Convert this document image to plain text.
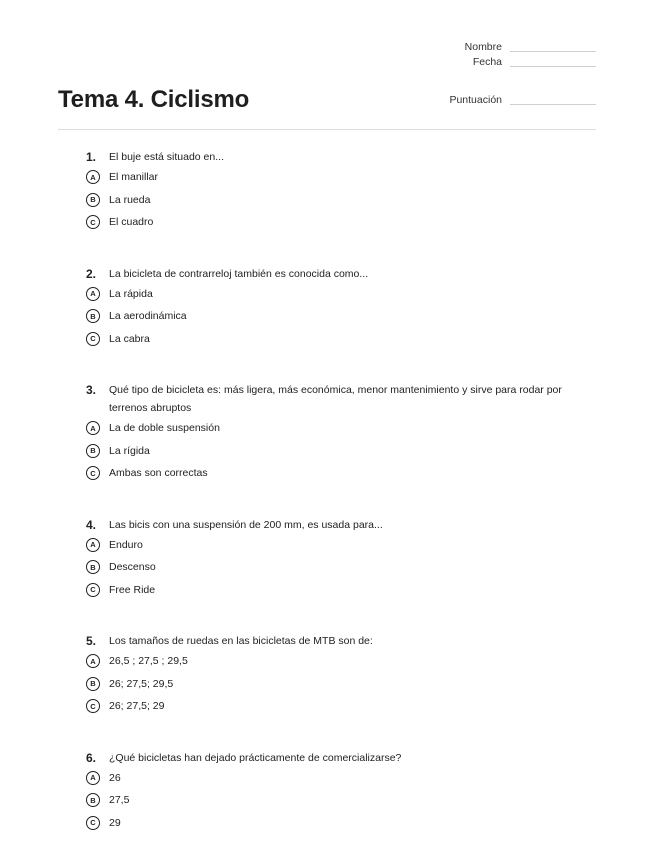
Nombre
Fecha
Puntuación
Tema 4. Ciclismo
1.	El buje está situado en...
A	El manillar
B	La rueda
C	El cuadro
2.	La bicicleta de contrarreloj también es conocida como...
A	La rápida
B	La aerodinámica
C	La cabra
3.	Qué tipo de bicicleta es: más ligera, más económica, menor mantenimiento y sirve para rodar por terrenos abruptos
A	La de doble suspensión
B	La rígida
C	Ambas son correctas
4.	Las bicis con una suspensión de 200 mm, es usada para...
A	Enduro
B	Descenso
C	Free Ride
5.	Los tamaños de ruedas en las bicicletas de MTB son de:
A	26,5 ; 27,5 ; 29,5
B	26; 27,5; 29,5
C	26; 27,5; 29
6.	¿Qué bicicletas han dejado prácticamente de comercializarse?
A	26
B	27,5
C	29
